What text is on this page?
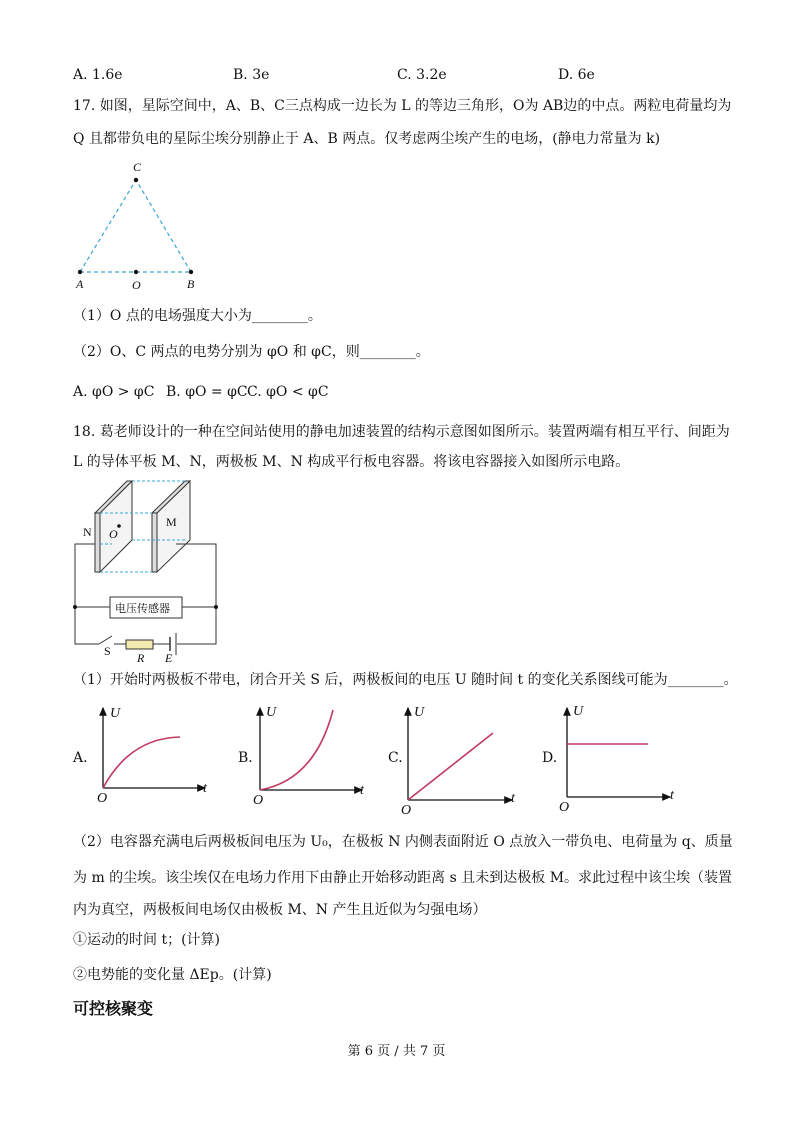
A. 1.6e	B. 3e	C. 3.2e	D. 6e
17. 如图，星际空间中，A、B、C三点构成一边长为 L 的等边三角形，O为 AB边的中点。两粒电荷量均为
Q 且都带负电的星际尘埃分别静止于 A、B 两点。仅考虑两尘埃产生的电场，(静电力常量为 k)
C
A	O	B
（1）O 点的电场强度大小为________。
（2）O、C 两点的电势分别为 φO 和 φC，则________。
A. φO > φC B. φO = φC C. φO < φC
18. 葛老师设计的一种在空间站使用的静电加速装置的结构示意图如图所示。装置两端有相互平行、间距为
L 的导体平板 M、N，两极板 M、N 构成平行板电容器。将该电容器接入如图所示电路。
N
M
O
电压传感器
S R E
（1）开始时两极板不带电，闭合开关 S 后，两极板间的电压 U 随时间 t 的变化关系图线可能为________。
A.
U
t
O
B.
U
t
O
C.
U
t
O
D.
U
t
O
（2）电容器充满电后两极板间电压为 U₀，在极板 N 内侧表面附近 O 点放入一带负电、电荷量为 q、质量
为 m 的尘埃。该尘埃仅在电场力作用下由静止开始移动距离 s 且未到达极板 M。求此过程中该尘埃（装置
内为真空，两极板间电场仅由极板 M、N 产生且近似为匀强电场）
①运动的时间 t；(计算)
②电势能的变化量 ΔEp。(计算)
可控核聚变
第 6 页 / 共 7 页
